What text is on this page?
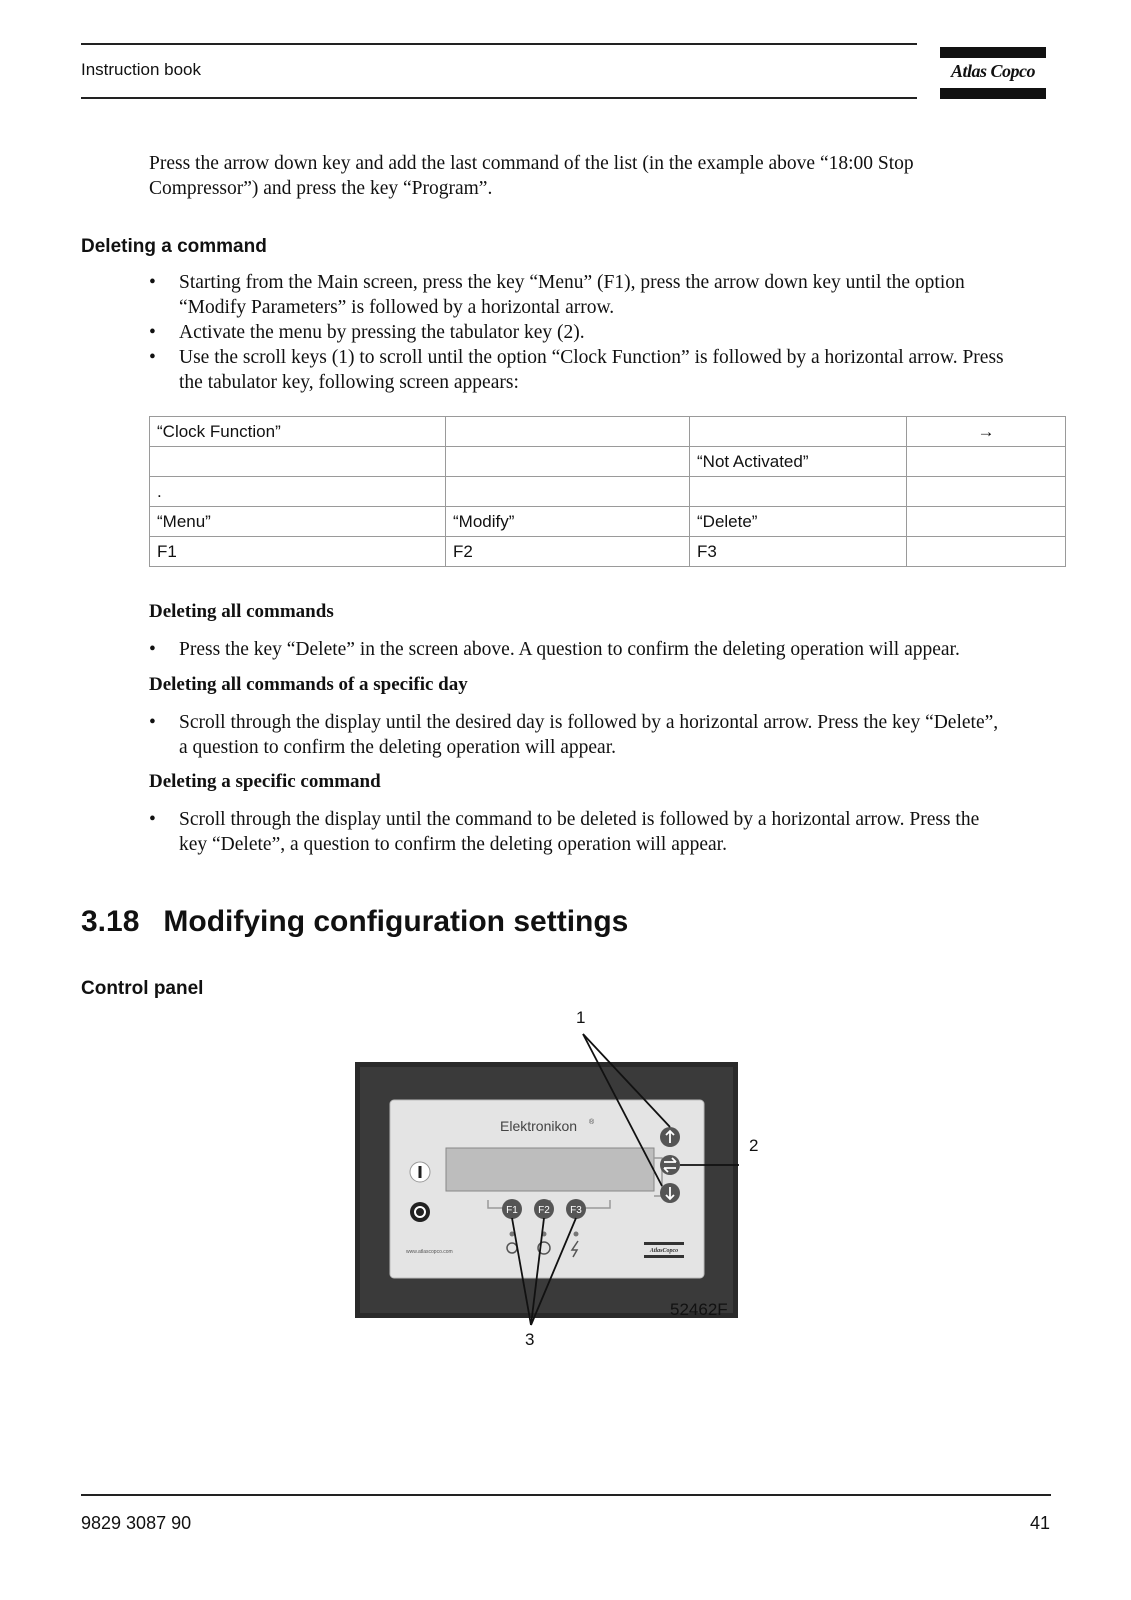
Instruction book	Atlas Copco
Press the arrow down key and add the last command of the list (in the example above “18:00 Stop
Compressor”) and press the key “Program”.
Deleting a command
• Starting from the Main screen, press the key “Menu” (F1), press the arrow down key until the option
“Modify Parameters” is followed by a horizontal arrow.
• Activate the menu by pressing the tabulator key (2).
• Use the scroll keys (1) to scroll until the option “Clock Function” is followed by a horizontal arrow. Press
the tabulator key, following screen appears:
“Clock Function”			→
		“Not Activated”	
.			
“Menu”	“Modify”	“Delete”	
F1	F2	F3	
Deleting all commands
• Press the key “Delete” in the screen above. A question to confirm the deleting operation will appear.
Deleting all commands of a specific day
• Scroll through the display until the desired day is followed by a horizontal arrow. Press the key “Delete”,
a question to confirm the deleting operation will appear.
Deleting a specific command
• Scroll through the display until the command to be deleted is followed by a horizontal arrow. Press the
key “Delete”, a question to confirm the deleting operation will appear.
3.18 Modifying configuration settings
Control panel
Elektronikon ®
F1 F2 F3
www.atlascopco.com	AtlasCopco
1
2
3
52462F
9829 3087 90	41
